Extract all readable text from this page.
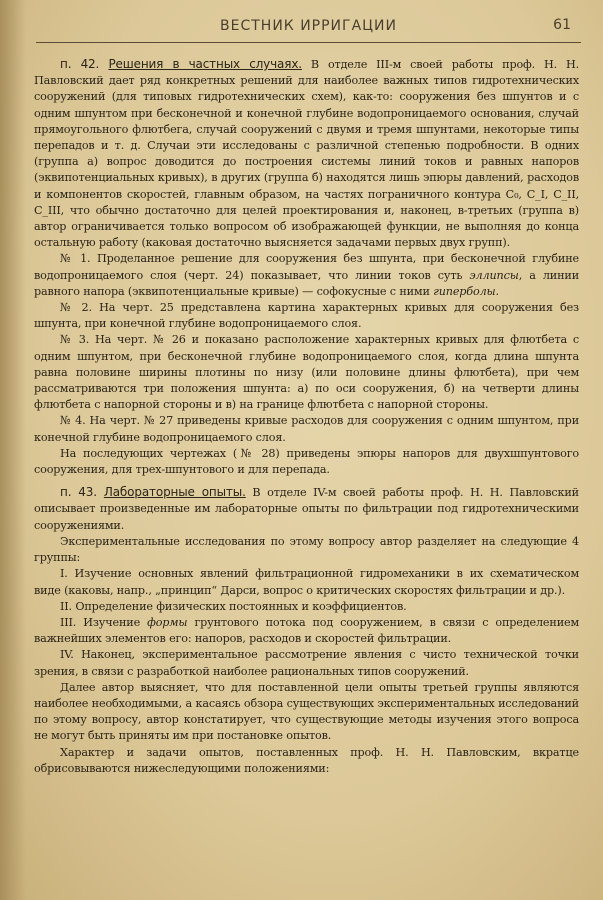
ВЕСТНИК ИРРИГАЦИИ	61

п. 42. Решения в частных случаях. В отделе III-м своей работы проф. Н. Н. Павловский дает ряд конкретных решений для наиболее важных типов гидротехнических сооружений (для типовых гидротехнических схем), как-то: сооружения без шпунтов и с одним шпунтом при бесконечной и конечной глубине водопроницаемого основания, случай прямоугольного флютбега, случай сооружений с двумя и тремя шпунтами, некоторые типы перепадов и т. д. Случаи эти исследованы с различной степенью подробности. В одних (группа а) вопрос доводится до построения системы линий токов и равных напоров (эквипотенциальных кривых), в других (группа б) находятся лишь эпюры давлений, расходов и компонентов скоростей, главным образом, на частях пограничного контура C₀, C_I, C_II, C_III, что обычно достаточно для целей проектирования и, наконец, в-третьих (группа в) автор ограничивается только вопросом об изображающей функции, не выполняя до конца остальную работу (каковая достаточно выясняется задачами первых двух групп).

№ 1. Проделанное решение для сооружения без шпунта, при бесконечной глубине водопроницаемого слоя (черт. 24) показывает, что линии токов суть эллипсы, а линии равного напора (эквипотенциальные кривые) — софокусные с ними гиперболы.

№ 2. На черт. 25 представлена картина характерных кривых для сооружения без шпунта, при конечной глубине водопроницаемого слоя.

№ 3. На черт. № 26 и показано расположение характерных кривых для флютбета с одним шпунтом, при бесконечной глубине водопроницаемого слоя, когда длина шпунта равна половине ширины плотины по низу (или половине длины флютбета), при чем рассматриваются три положения шпунта: а) по оси сооружения, б) на четверти длины флютбета с напорной стороны и в) на границе флютбета с напорной стороны.

№ 4. На черт. № 27 приведены кривые расходов для сооружения с одним шпунтом, при конечной глубине водопроницаемого слоя.

На последующих чертежах (№ 28) приведены эпюры напоров для двухшпунтового сооружения, для трех-шпунтового и для перепада.

п. 43. Лабораторные опыты. В отделе IV-м своей работы проф. Н. Н. Павловский описывает произведенные им лабораторные опыты по фильтрации под гидротехническими сооружениями.

Экспериментальные исследования по этому вопросу автор разделяет на следующие 4 группы:

I. Изучение основных явлений фильтрационной гидромеханики в их схематическом виде (каковы, напр., „принцип“ Дарси, вопрос о критических скоростях фильтрации и др.).

II. Определение физических постоянных и коэффициентов.

III. Изучение формы грунтового потока под сооружением, в связи с определением важнейших элементов его: напоров, расходов и скоростей фильтрации.

IV. Наконец, экспериментальное рассмотрение явления с чисто технической точки зрения, в связи с разработкой наиболее рациональных типов сооружений.

Далее автор выясняет, что для поставленной цели опыты третьей группы являются наиболее необходимыми, а касаясь обзора существующих экспериментальных исследований по этому вопросу, автор констатирует, что существующие методы изучения этого вопроса не могут быть приняты им при постановке опытов.

Характер и задачи опытов, поставленных проф. Н. Н. Павловским, вкратце обрисовываются нижеследующими положениями:
